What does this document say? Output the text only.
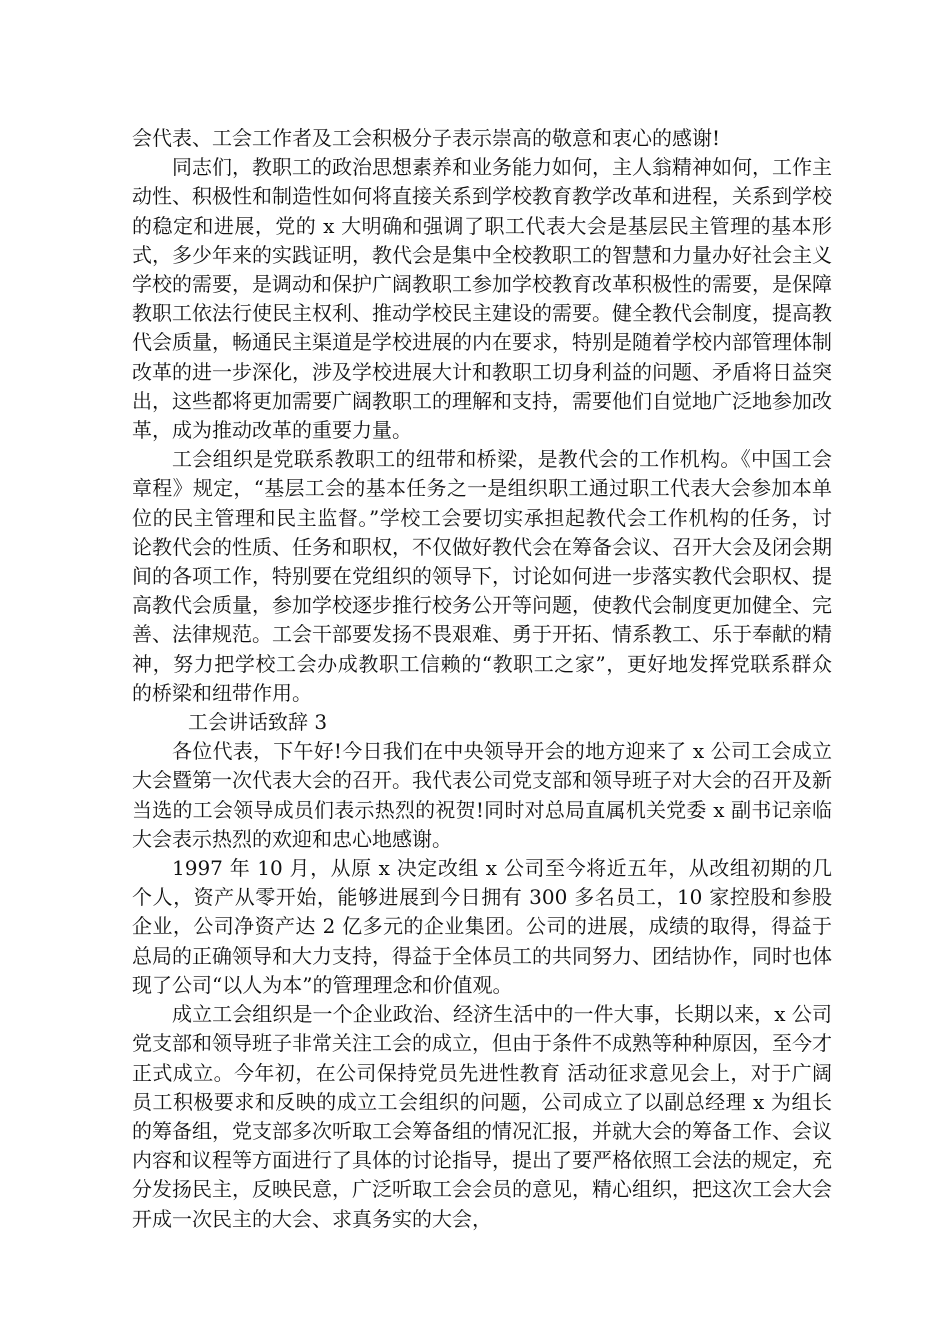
会代表、工会工作者及工会积极分子表示崇高的敬意和衷心的感谢!

同志们，教职工的政治思想素养和业务能力如何，主人翁精神如何，工作主动性、积极性和制造性如何将直接关系到学校教育教学改革和进程，关系到学校的稳定和进展，党的 x 大明确和强调了职工代表大会是基层民主管理的基本形式，多少年来的实践证明，教代会是集中全校教职工的智慧和力量办好社会主义学校的需要，是调动和保护广阔教职工参加学校教育改革积极性的需要，是保障教职工依法行使民主权利、推动学校民主建设的需要。健全教代会制度，提高教代会质量，畅通民主渠道是学校进展的内在要求，特别是随着学校内部管理体制改革的进一步深化，涉及学校进展大计和教职工切身利益的问题、矛盾将日益突出，这些都将更加需要广阔教职工的理解和支持，需要他们自觉地广泛地参加改革，成为推动改革的重要力量。

工会组织是党联系教职工的纽带和桥梁，是教代会的工作机构。《中国工会章程》规定，“基层工会的基本任务之一是组织职工通过职工代表大会参加本单位的民主管理和民主监督。”学校工会要切实承担起教代会工作机构的任务，讨论教代会的性质、任务和职权，不仅做好教代会在筹备会议、召开大会及闭会期间的各项工作，特别要在党组织的领导下，讨论如何进一步落实教代会职权、提高教代会质量，参加学校逐步推行校务公开等问题，使教代会制度更加健全、完善、法律规范。工会干部要发扬不畏艰难、勇于开拓、情系教工、乐于奉献的精神，努力把学校工会办成教职工信赖的“教职工之家”，更好地发挥党联系群众的桥梁和纽带作用。

工会讲话致辞 3

各位代表，下午好!今日我们在中央领导开会的地方迎来了 x 公司工会成立大会暨第一次代表大会的召开。我代表公司党支部和领导班子对大会的召开及新当选的工会领导成员们表示热烈的祝贺!同时对总局直属机关党委 x 副书记亲临大会表示热烈的欢迎和忠心地感谢。

1997 年 10 月，从原 x 决定改组 x 公司至今将近五年，从改组初期的几个人，资产从零开始，能够进展到今日拥有 300 多名员工，10 家控股和参股企业，公司净资产达 2 亿多元的企业集团。公司的进展，成绩的取得，得益于总局的正确领导和大力支持，得益于全体员工的共同努力、团结协作，同时也体现了公司“以人为本”的管理理念和价值观。

成立工会组织是一个企业政治、经济生活中的一件大事，长期以来，x 公司党支部和领导班子非常关注工会的成立，但由于条件不成熟等种种原因，至今才正式成立。今年初，在公司保持党员先进性教育 活动征求意见会上，对于广阔员工积极要求和反映的成立工会组织的问题，公司成立了以副总经理 x 为组长的筹备组，党支部多次听取工会筹备组的情况汇报，并就大会的筹备工作、会议内容和议程等方面进行了具体的讨论指导，提出了要严格依照工会法的规定，充分发扬民主，反映民意，广泛听取工会会员的意见，精心组织，把这次工会大会开成一次民主的大会、求真务实的大会，
